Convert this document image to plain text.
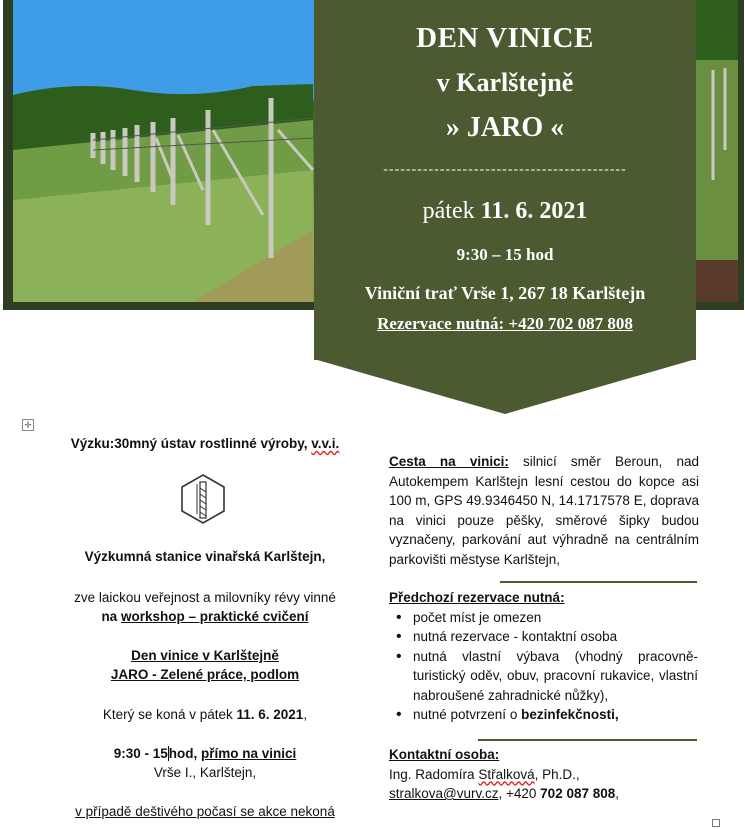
DEN VINICE
v Karlštejně
» JARO «
-------------------------------------------
pátek 11. 6. 2021
9:30 – 15 hod
Viniční trať Vrše 1, 267 18 Karlštejn
Rezervace nutná: +420 702 087 808
✛
Výzku:30mný ústav rostlinné výroby, v.v.i.
Výzkumná stanice vinařská Karlštejn,
zve laickou veřejnost a milovníky révy vinné
na workshop – praktické cvičení
Den vinice v Karlštejně
JARO - Zelené práce, podlom
Který se koná v pátek 11. 6. 2021,
9:30 - 15hod, přímo na vinici
Vrše I., Karlštejn,
v případě deštivého počasí se akce nekoná
Cesta na vinici: silnicí směr Beroun, nad Autokempem Karlštejn lesní cestou do kopce asi 100 m, GPS 49.9346450 N, 14.1717578 E, doprava na vinici pouze pěšky, směrové šipky budou vyznačeny, parkování aut výhradně na centrálním parkovišti městyse Karlštejn,
Předchozí rezervace nutná:
• počet míst je omezen
• nutná rezervace - kontaktní osoba
• nutná vlastní výbava (vhodný pracovně-turistický oděv, obuv, pracovní rukavice, vlastní nabroušené zahradnické nůžky),
• nutné potvrzení o bezinfekčnosti,
Kontaktní osoba:
Ing. Radomíra Střalková, Ph.D.,
stralkova@vurv.cz, +420 702 087 808,
